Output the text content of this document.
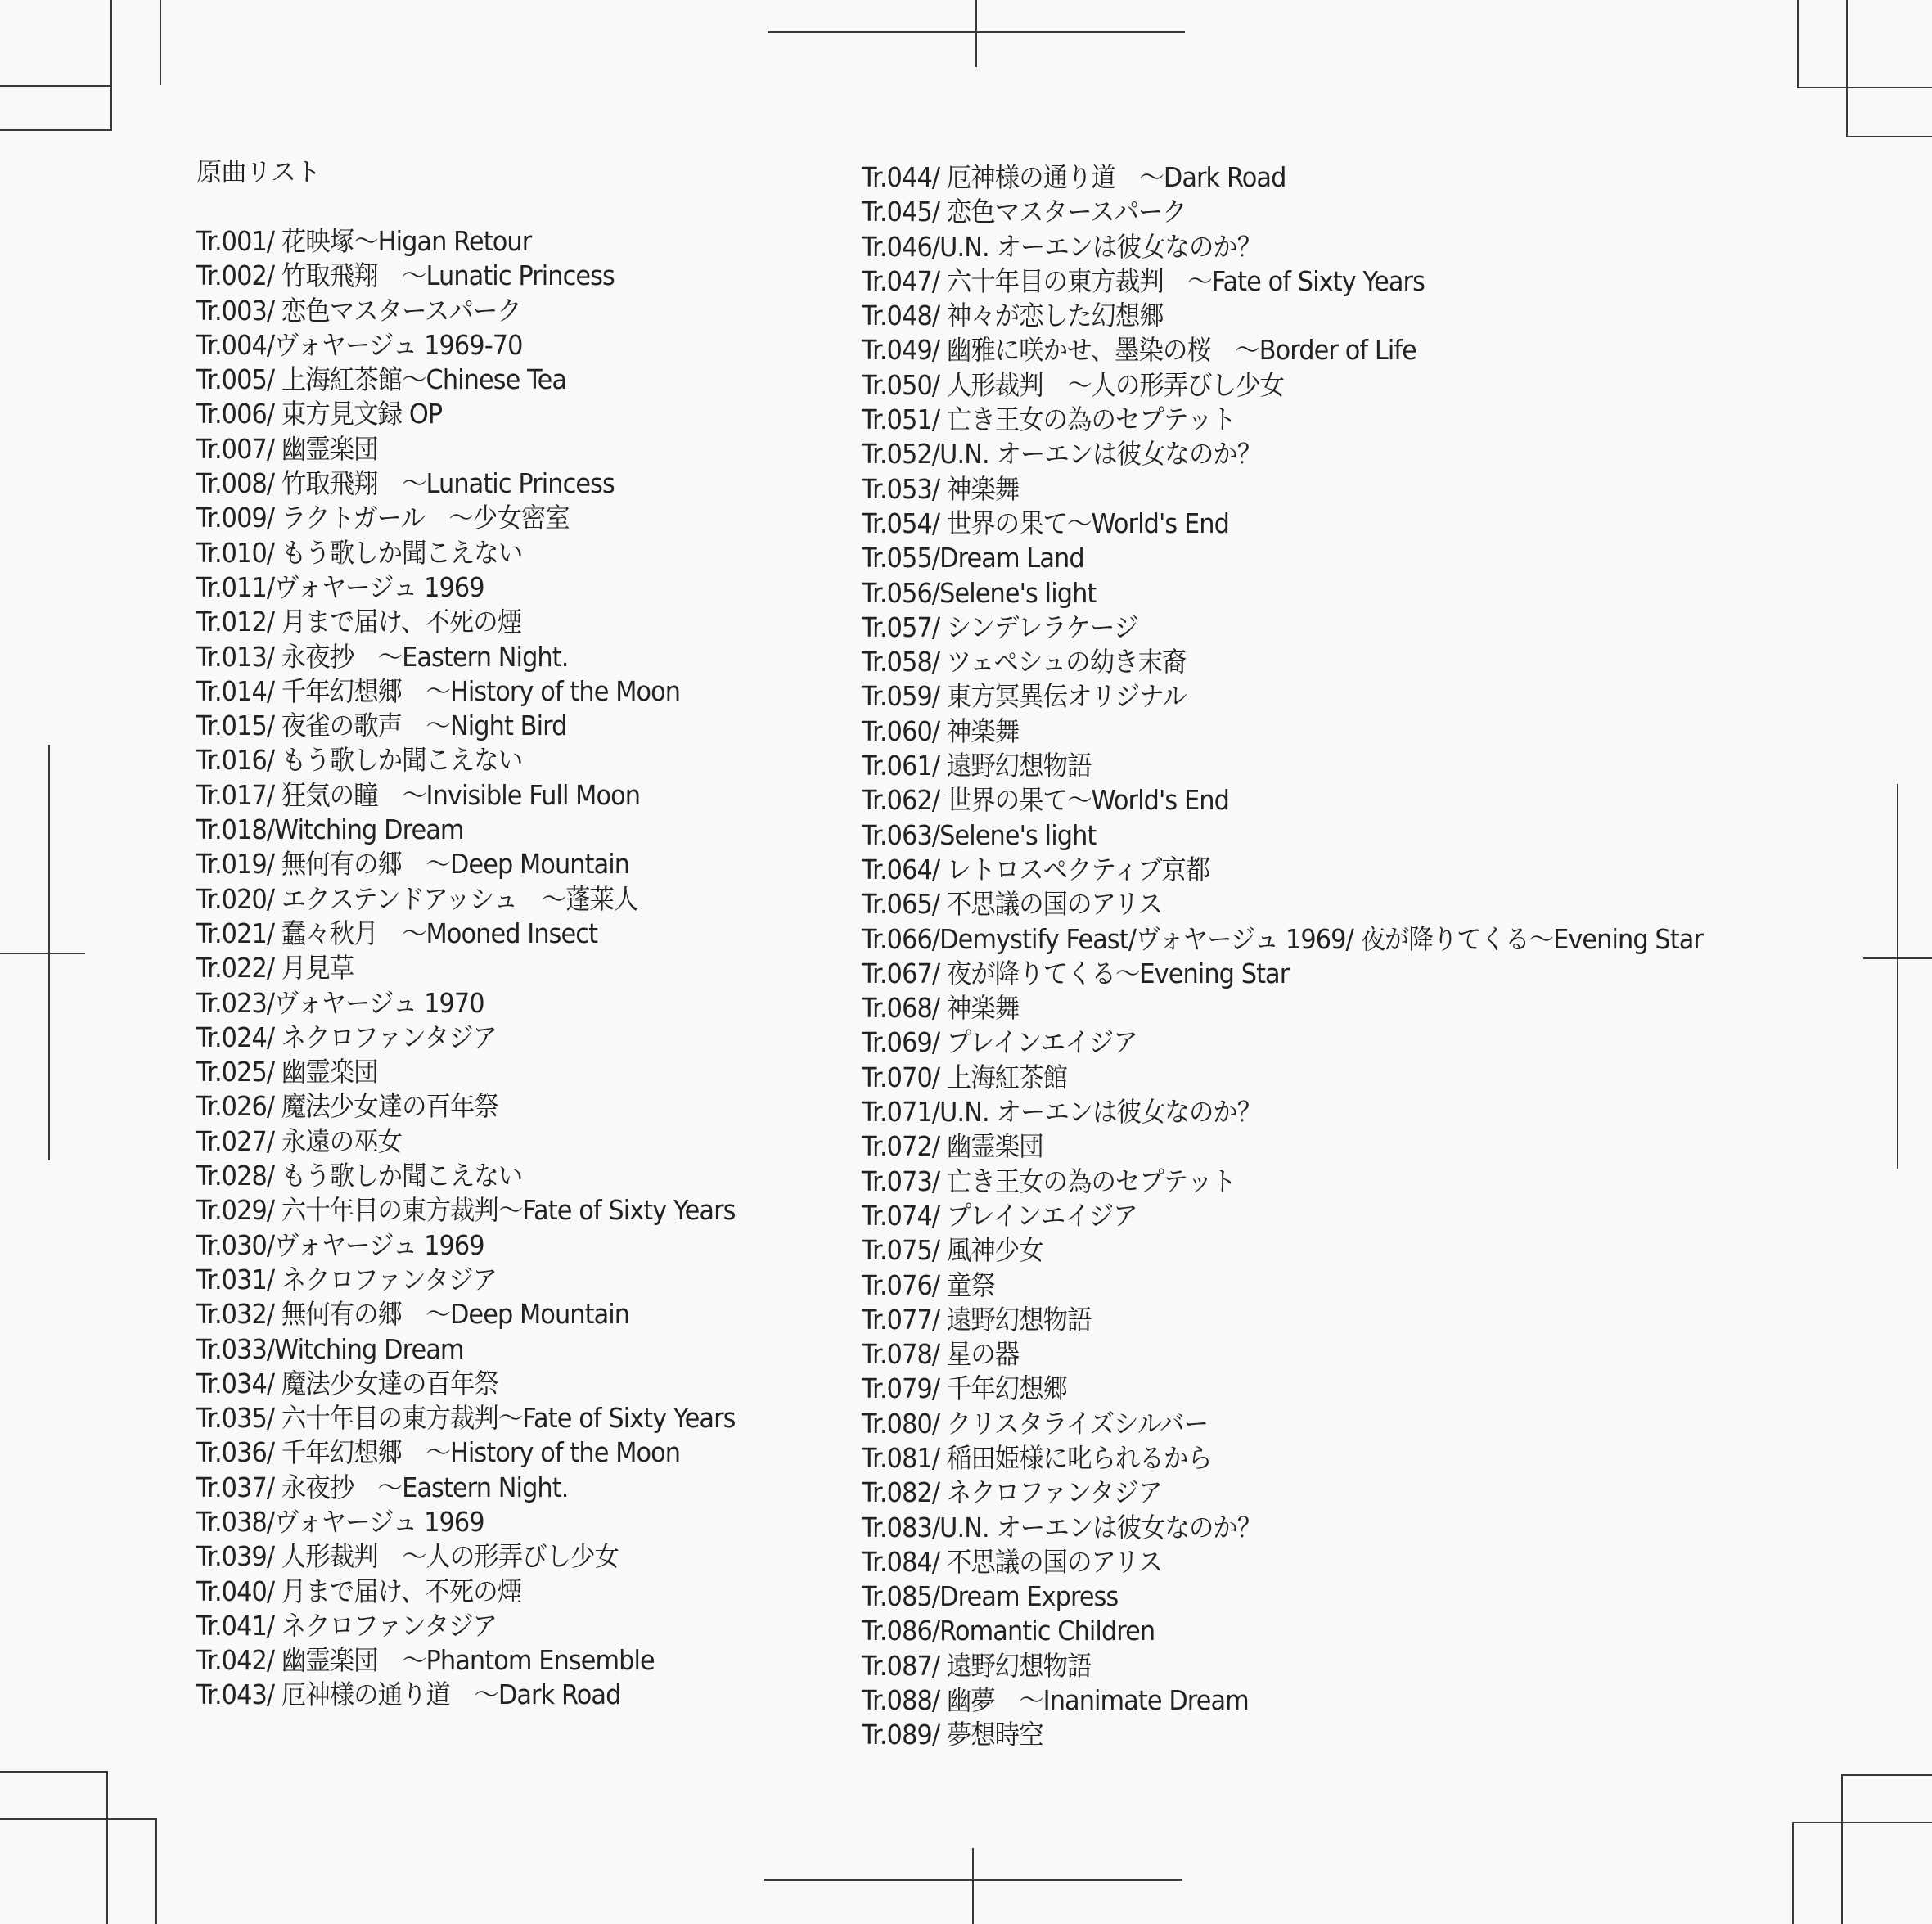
原曲リスト
Tr.001/ 花映塚～Higan Retour
Tr.002/ 竹取飛翔　～Lunatic Princess
Tr.003/ 恋色マスタースパーク
Tr.004/ヴォヤージュ 1969-70
Tr.005/ 上海紅茶館～Chinese Tea
Tr.006/ 東方見文録 OP
Tr.007/ 幽霊楽団
Tr.008/ 竹取飛翔　～Lunatic Princess
Tr.009/ ラクトガール　～少女密室
Tr.010/ もう歌しか聞こえない
Tr.011/ヴォヤージュ 1969
Tr.012/ 月まで届け、不死の煙
Tr.013/ 永夜抄　～Eastern Night.
Tr.014/ 千年幻想郷　～History of the Moon
Tr.015/ 夜雀の歌声　～Night Bird
Tr.016/ もう歌しか聞こえない
Tr.017/ 狂気の瞳　～Invisible Full Moon
Tr.018/Witching Dream
Tr.019/ 無何有の郷　～Deep Mountain
Tr.020/ エクステンドアッシュ　～蓬莱人
Tr.021/ 蠢々秋月　～Mooned Insect
Tr.022/ 月見草
Tr.023/ヴォヤージュ 1970
Tr.024/ ネクロファンタジア
Tr.025/ 幽霊楽団
Tr.026/ 魔法少女達の百年祭
Tr.027/ 永遠の巫女
Tr.028/ もう歌しか聞こえない
Tr.029/ 六十年目の東方裁判～Fate of Sixty Years
Tr.030/ヴォヤージュ 1969
Tr.031/ ネクロファンタジア
Tr.032/ 無何有の郷　～Deep Mountain
Tr.033/Witching Dream
Tr.034/ 魔法少女達の百年祭
Tr.035/ 六十年目の東方裁判～Fate of Sixty Years
Tr.036/ 千年幻想郷　～History of the Moon
Tr.037/ 永夜抄　～Eastern Night.
Tr.038/ヴォヤージュ 1969
Tr.039/ 人形裁判　～人の形弄びし少女
Tr.040/ 月まで届け、不死の煙
Tr.041/ ネクロファンタジア
Tr.042/ 幽霊楽団　～Phantom Ensemble
Tr.043/ 厄神様の通り道　～Dark Road
Tr.044/ 厄神様の通り道　～Dark Road
Tr.045/ 恋色マスタースパーク
Tr.046/U.N. オーエンは彼女なのか？
Tr.047/ 六十年目の東方裁判　～Fate of Sixty Years
Tr.048/ 神々が恋した幻想郷
Tr.049/ 幽雅に咲かせ、墨染の桜　～Border of Life
Tr.050/ 人形裁判　～人の形弄びし少女
Tr.051/ 亡き王女の為のセプテット
Tr.052/U.N. オーエンは彼女なのか？
Tr.053/ 神楽舞
Tr.054/ 世界の果て～World's End
Tr.055/Dream Land
Tr.056/Selene's light
Tr.057/ シンデレラケージ
Tr.058/ ツェペシュの幼き末裔
Tr.059/ 東方冥異伝オリジナル
Tr.060/ 神楽舞
Tr.061/ 遠野幻想物語
Tr.062/ 世界の果て～World's End
Tr.063/Selene's light
Tr.064/ レトロスペクティブ京都
Tr.065/ 不思議の国のアリス
Tr.066/Demystify Feast/ヴォヤージュ 1969/ 夜が降りてくる～Evening Star
Tr.067/ 夜が降りてくる～Evening Star
Tr.068/ 神楽舞
Tr.069/ プレインエイジア
Tr.070/ 上海紅茶館
Tr.071/U.N. オーエンは彼女なのか？
Tr.072/ 幽霊楽団
Tr.073/ 亡き王女の為のセプテット
Tr.074/ プレインエイジア
Tr.075/ 風神少女
Tr.076/ 童祭
Tr.077/ 遠野幻想物語
Tr.078/ 星の器
Tr.079/ 千年幻想郷
Tr.080/ クリスタライズシルバー
Tr.081/ 稲田姫様に叱られるから
Tr.082/ ネクロファンタジア
Tr.083/U.N. オーエンは彼女なのか？
Tr.084/ 不思議の国のアリス
Tr.085/Dream Express
Tr.086/Romantic Children
Tr.087/ 遠野幻想物語
Tr.088/ 幽夢　～Inanimate Dream
Tr.089/ 夢想時空
